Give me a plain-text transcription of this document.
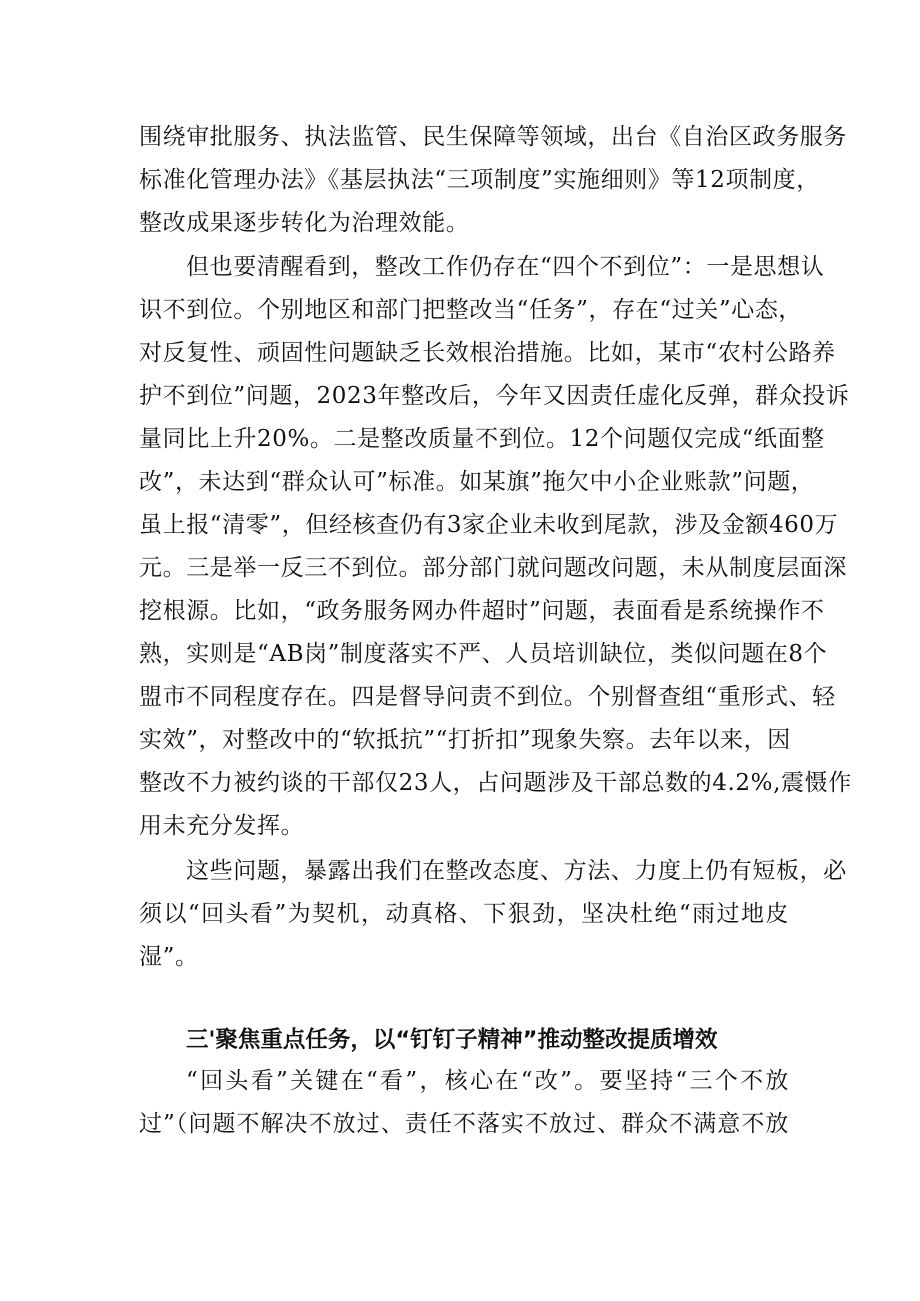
围绕审批服务、执法监管、民生保障等领域，出台《自治区政务服务
标准化管理办法》《基层执法“三项制度”实施细则》等12项制度，
整改成果逐步转化为治理效能。
但也要清醒看到，整改工作仍存在“四个不到位”：一是思想认
识不到位。个别地区和部门把整改当“任务”，存在“过关”心态，
对反复性、顽固性问题缺乏长效根治措施。比如，某市“农村公路养
护不到位”问题，2023年整改后，今年又因责任虚化反弹，群众投诉
量同比上升20%。二是整改质量不到位。12个问题仅完成“纸面整
改”，未达到“群众认可”标准。如某旗”拖欠中小企业账款”问题，
虽上报“清零”，但经核查仍有3家企业未收到尾款，涉及金额460万
元。三是举一反三不到位。部分部门就问题改问题，未从制度层面深
挖根源。比如，“政务服务网办件超时”问题，表面看是系统操作不
熟，实则是“AB岗”制度落实不严、人员培训缺位，类似问题在8个
盟市不同程度存在。四是督导问责不到位。个别督查组“重形式、轻
实效”，对整改中的“软抵抗”“打折扣”现象失察。去年以来，因
整改不力被约谈的干部仅23人，占问题涉及干部总数的4.2%,震慑作
用未充分发挥。
这些问题，暴露出我们在整改态度、方法、力度上仍有短板，必
须以“回头看”为契机，动真格、下狠劲，坚决杜绝“雨过地皮
湿”。
三'聚焦重点任务，以“钉钉子精神”推动整改提质增效
“回头看”关键在“看”，核心在“改”。要坚持“三个不放
过”（问题不解决不放过、责任不落实不放过、群众不满意不放
